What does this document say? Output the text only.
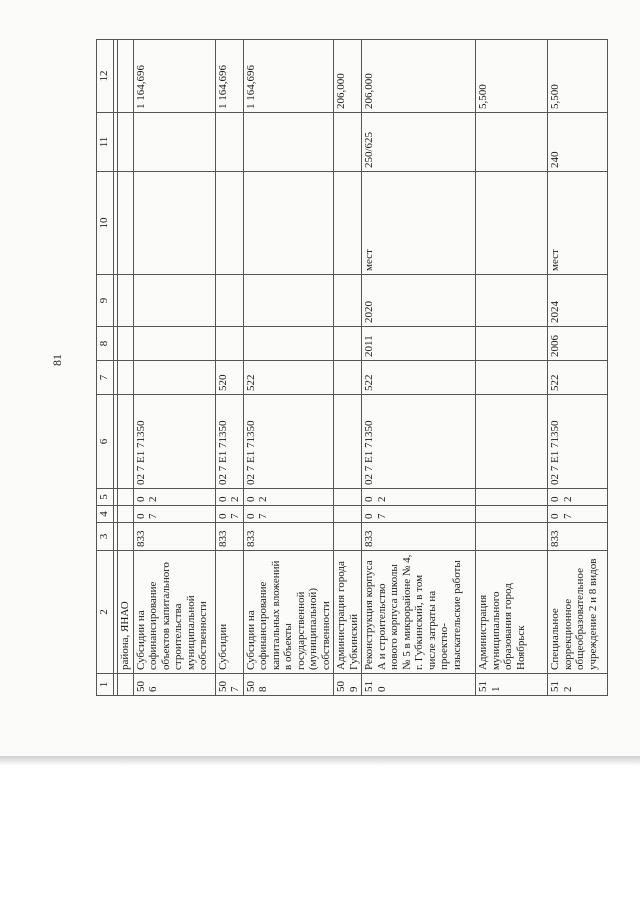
81
1	2	3	4	5	6	7	8	9	10	11	12

	района, ЯНАО										
506	Субсидии на софинансирование объектов капитального строительства муниципальной собственности	833	07	02	02 7 E1 71350						1 164,696
507	Субсидии	833	07	02	02 7 E1 71350	520					1 164,696
508	Субсидии на софинансирование капитальных вложений в объекты государственной (муниципальной) собственности	833	07	02	02 7 E1 71350	522					1 164,696
509	Администрация города Губкинский										206,000
510	Реконструкция корпуса А и строительство нового корпуса школы № 5 в микрорайоне № 4, г. Губкинский, в том числе затраты на проектно-изыскательские работы	833	07	02	02 7 E1 71350	522	2011	2020	мест	250/625	206,000
511	Администрация муниципального образования город Ноябрьск										5,500
512	Специальное коррекционное общеобразовательное учреждение 2 и 8 видов	833	07	02	02 7 E1 71350	522	2006	2024	мест	240	5,500
